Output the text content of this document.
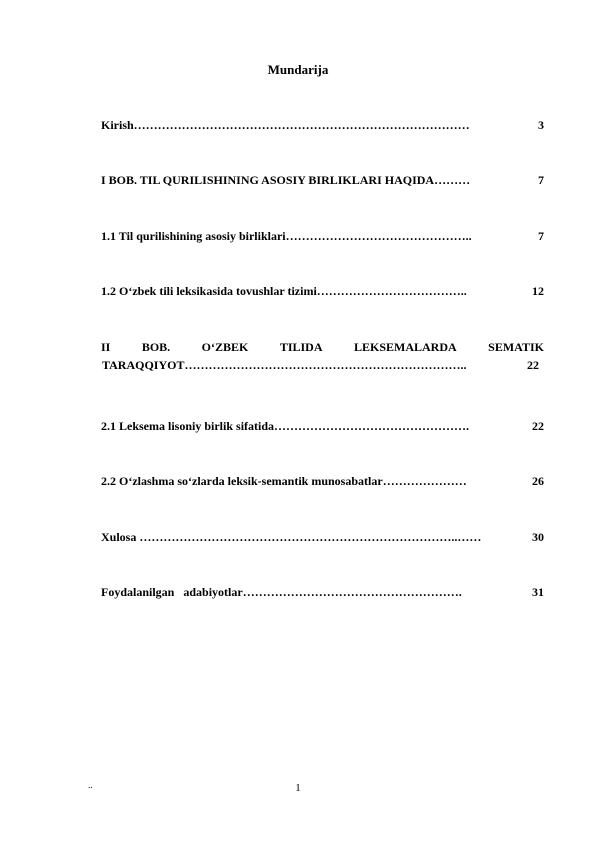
Mundarija
Kirish…………………………………………………………………………	3
I BOB. TIL QURILISHINING ASOSIY BIRLIKLARI HAQIDA………	7
1.1 Til qurilishining asosiy birliklari………………………………………..	7
1.2 O‘zbek tili leksikasida tovushlar tizimi………………………………..	12
II	BOB.	O‘ZBEK	TILIDA	LEKSEMALARDA	SEMATIK
TARAQQIYOT……………………………………………………………..	22
2.1 Leksema lisoniy birlik sifatida………………………………………….	22
2.2 O‘zlashma so‘zlarda leksik-semantik munosabatlar…………………	26
Xulosa ……………………………………………………………………..……	30
Foydalanilgan   adabiyotlar……………………………………………….	31
..	1
